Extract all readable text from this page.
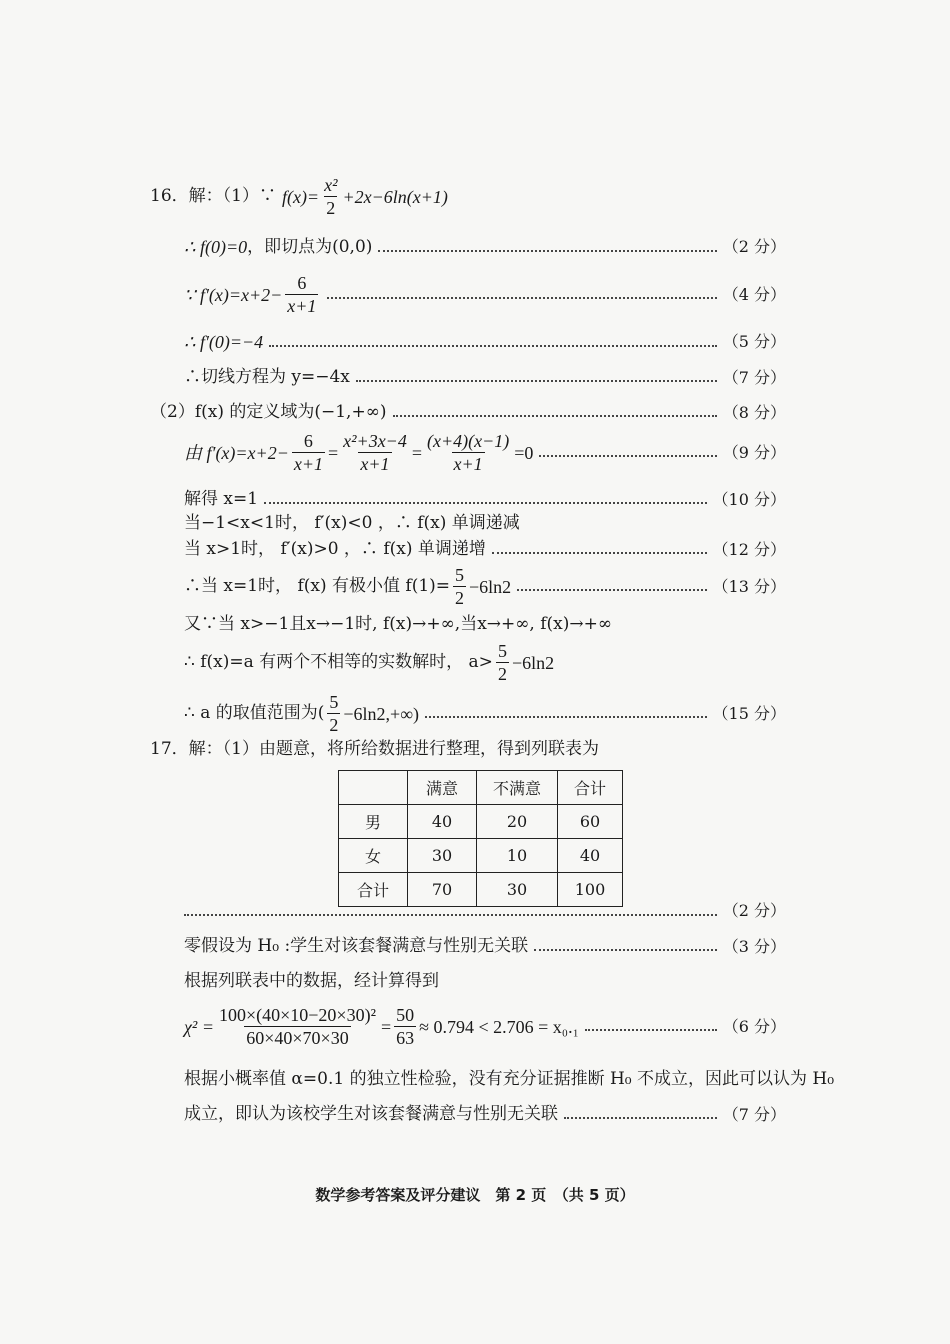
16．解：（1）∵ $f(x)= \frac{\text{x²}}{2} +2x-6\ln(x+1)$
∴ f(0)=0 ，即切点为(0,0)	（2 分）
∵ $f'(x)=x+2- \frac{6}{x+1}$	（4 分）
∴ f′(0)=−4	（5 分）
∴切线方程为 y=−4x	（7 分）
（2）f(x) 的定义域为(−1,+∞)	（8 分）
由 $f'(x)=x+2- \frac{6}{x+1} = \frac{\text{x²+3x−4}}{x+1} = \frac{(x+4)(x-1)}{x+1} =0$	（9 分）
解得 x=1	（10 分）
当−1<x<1时， f′(x)<0 ，∴ f(x) 单调递减
当 x>1时， f′(x)>0 ，∴ f(x) 单调递增	（12 分）
∴当 x=1时， f(x) 有极小值 $f(1)= \frac{5}{2} -6\ln 2$	（13 分）
又∵当 x>−1且x→−1时, f(x)→+∞,当x→+∞, f(x)→+∞
∴ f(x)=a 有两个不相等的实数解时， $a> \frac{5}{2} -6\ln 2$
∴ a 的取值范围为( $\frac{5}{2} -6\ln 2,+\infty$)	（15 分）
17．解：（1）由题意，将所给数据进行整理，得到列联表为
	满意	不满意	合计
男	40	20	60
女	30	10	40
合计	70	30	100
（2 分）
零假设为 H₀ :学生对该套餐满意与性别无关联	（3 分）
根据列联表中的数据，经计算得到
$\chi^2 = \frac{\text{100×(40×10−20×30)²}}{60\times 40\times 70\times 30} = \frac{50}{63} \approx 0.794 < 2.706 = x_0._1$	（6 分）
根据小概率值 α=0.1 的独立性检验，没有充分证据推断 H₀ 不成立，因此可以认为 H₀
成立，即认为该校学生对该套餐满意与性别无关联	（7 分）
数学参考答案及评分建议　第 2 页　（共 5 页）
